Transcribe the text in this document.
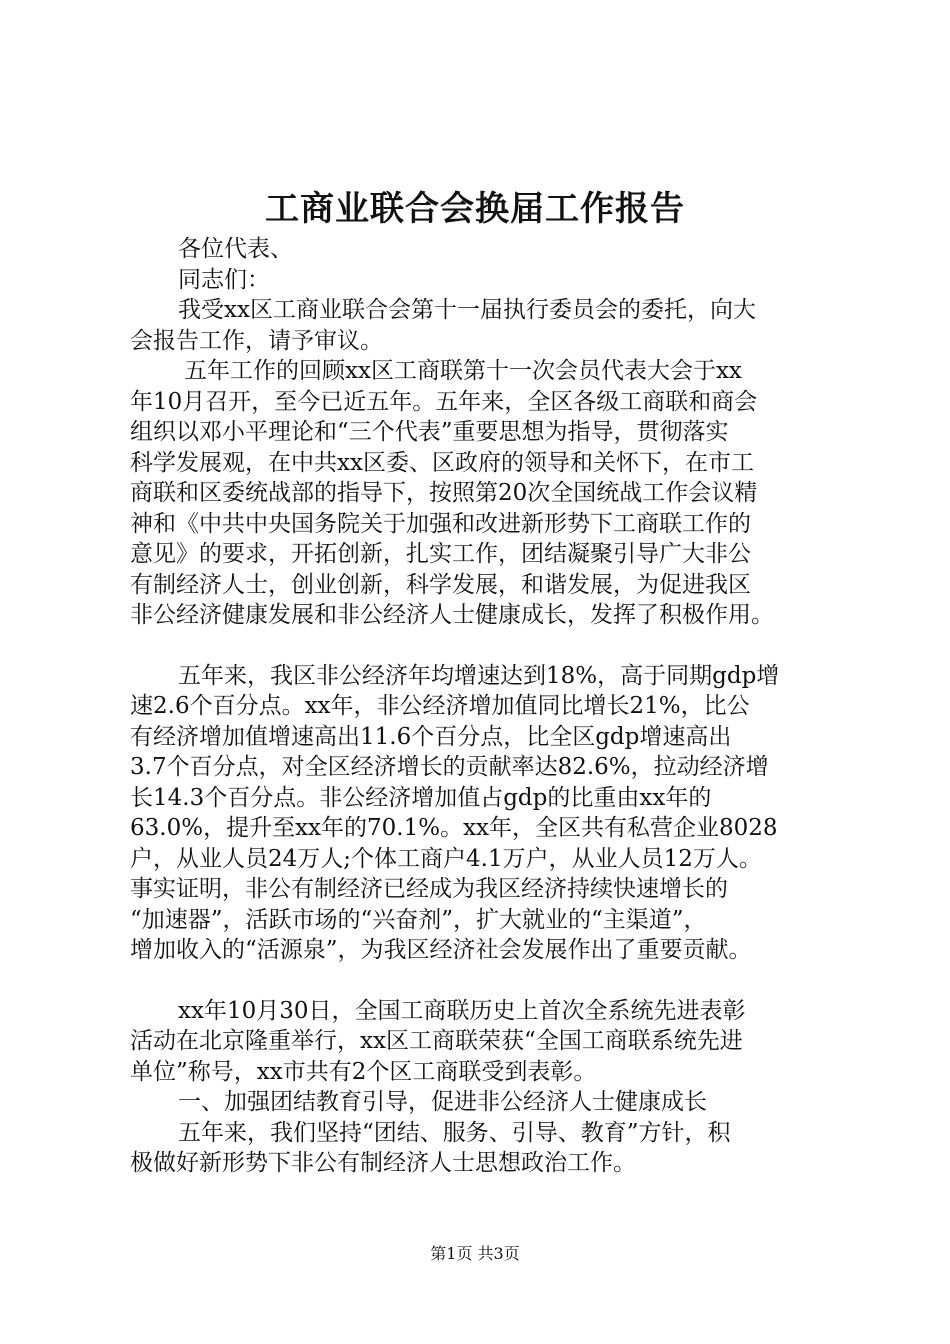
工商业联合会换届工作报告
各位代表、
同志们：
我受xx区工商业联合会第十一届执行委员会的委托，向大
会报告工作，请予审议。
五年工作的回顾xx区工商联第十一次会员代表大会于xx
年10月召开，至今已近五年。五年来，全区各级工商联和商会
组织以邓小平理论和“三个代表”重要思想为指导，贯彻落实
科学发展观，在中共xx区委、区政府的领导和关怀下，在市工
商联和区委统战部的指导下，按照第20次全国统战工作会议精
神和《中共中央国务院关于加强和改进新形势下工商联工作的
意见》的要求，开拓创新，扎实工作，团结凝聚引导广大非公
有制经济人士，创业创新，科学发展，和谐发展，为促进我区
非公经济健康发展和非公经济人士健康成长，发挥了积极作用。
五年来，我区非公经济年均增速达到18%，高于同期gdp增
速2.6个百分点。xx年，非公经济增加值同比增长21%，比公
有经济增加值增速高出11.6个百分点，比全区gdp增速高出
3.7个百分点，对全区经济增长的贡献率达82.6%，拉动经济增
长14.3个百分点。非公经济增加值占gdp的比重由xx年的
63.0%，提升至xx年的70.1%。xx年，全区共有私营企业8028
户，从业人员24万人;个体工商户4.1万户，从业人员12万人。
事实证明，非公有制经济已经成为我区经济持续快速增长的
“加速器”，活跃市场的“兴奋剂”，扩大就业的“主渠道”，
增加收入的“活源泉”，为我区经济社会发展作出了重要贡献。
xx年10月30日，全国工商联历史上首次全系统先进表彰
活动在北京隆重举行，xx区工商联荣获“全国工商联系统先进
单位”称号，xx市共有2个区工商联受到表彰。
一、加强团结教育引导，促进非公经济人士健康成长
五年来，我们坚持“团结、服务、引导、教育”方针，积
极做好新形势下非公有制经济人士思想政治工作。
第1页 共3页
